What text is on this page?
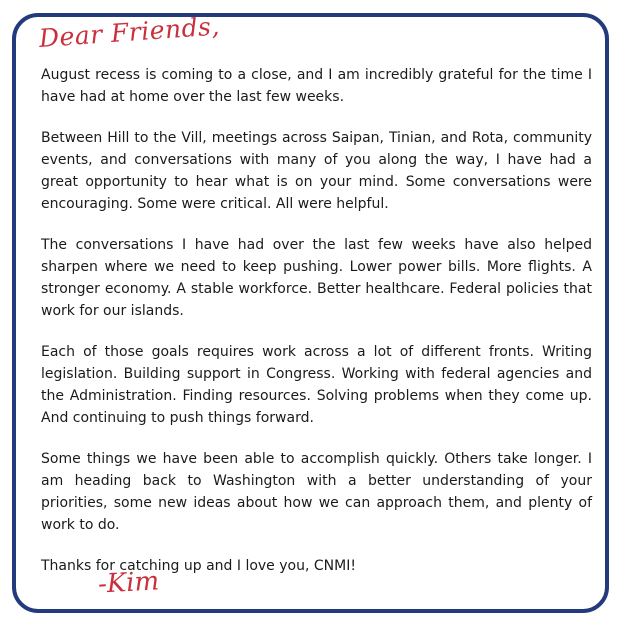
Dear Friends,

August recess is coming to a close, and I am incredibly grateful for the time I have had at home over the last few weeks.

Between Hill to the Vill, meetings across Saipan, Tinian, and Rota, community events, and conversations with many of you along the way, I have had a great opportunity to hear what is on your mind. Some conversations were encouraging. Some were critical. All were helpful.

The conversations I have had over the last few weeks have also helped sharpen where we need to keep pushing. Lower power bills. More flights. A stronger economy. A stable workforce. Better healthcare. Federal policies that work for our islands.

Each of those goals requires work across a lot of different fronts. Writing legislation. Building support in Congress. Working with federal agencies and the Administration. Finding resources. Solving problems when they come up. And continuing to push things forward.

Some things we have been able to accomplish quickly. Others take longer. I am heading back to Washington with a better understanding of your priorities, some new ideas about how we can approach them, and plenty of work to do.

Thanks for catching up and I love you, CNMI!

-Kim
